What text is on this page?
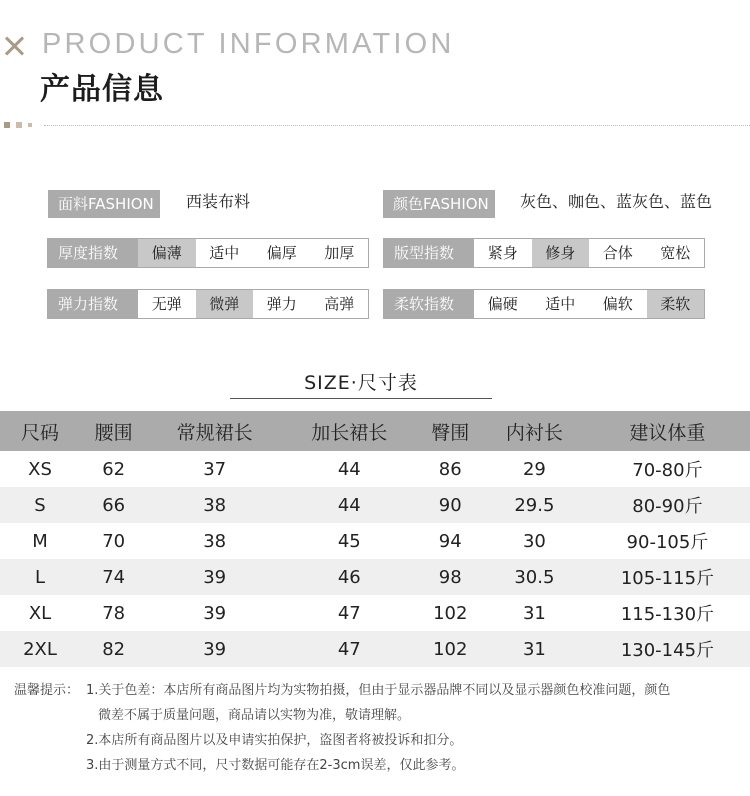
PRODUCT INFORMATION
产品信息
面料FASHION	西装布料	颜色FASHION	灰色、咖色、蓝灰色、蓝色
厚度指数	偏薄	适中	偏厚	加厚	版型指数	紧身	修身	合体	宽松
弹力指数	无弹	微弹	弹力	高弹	柔软指数	偏硬	适中	偏软	柔软
SIZE·尺寸表
尺码	腰围	常规裙长	加长裙长	臀围	内衬长	建议体重
XS	62	37	44	86	29	70-80斤
S	66	38	44	90	29.5	80-90斤
M	70	38	45	94	30	90-105斤
L	74	39	46	98	30.5	105-115斤
XL	78	39	47	102	31	115-130斤
2XL	82	39	47	102	31	130-145斤
温馨提示： 1.关于色差：本店所有商品图片均为实物拍摄，但由于显示器品牌不同以及显示器颜色校准问题，颜色
微差不属于质量问题，商品请以实物为准，敬请理解。
2.本店所有商品图片以及申请实拍保护，盗图者将被投诉和扣分。
3.由于测量方式不同，尺寸数据可能存在2-3cm误差，仅此参考。
